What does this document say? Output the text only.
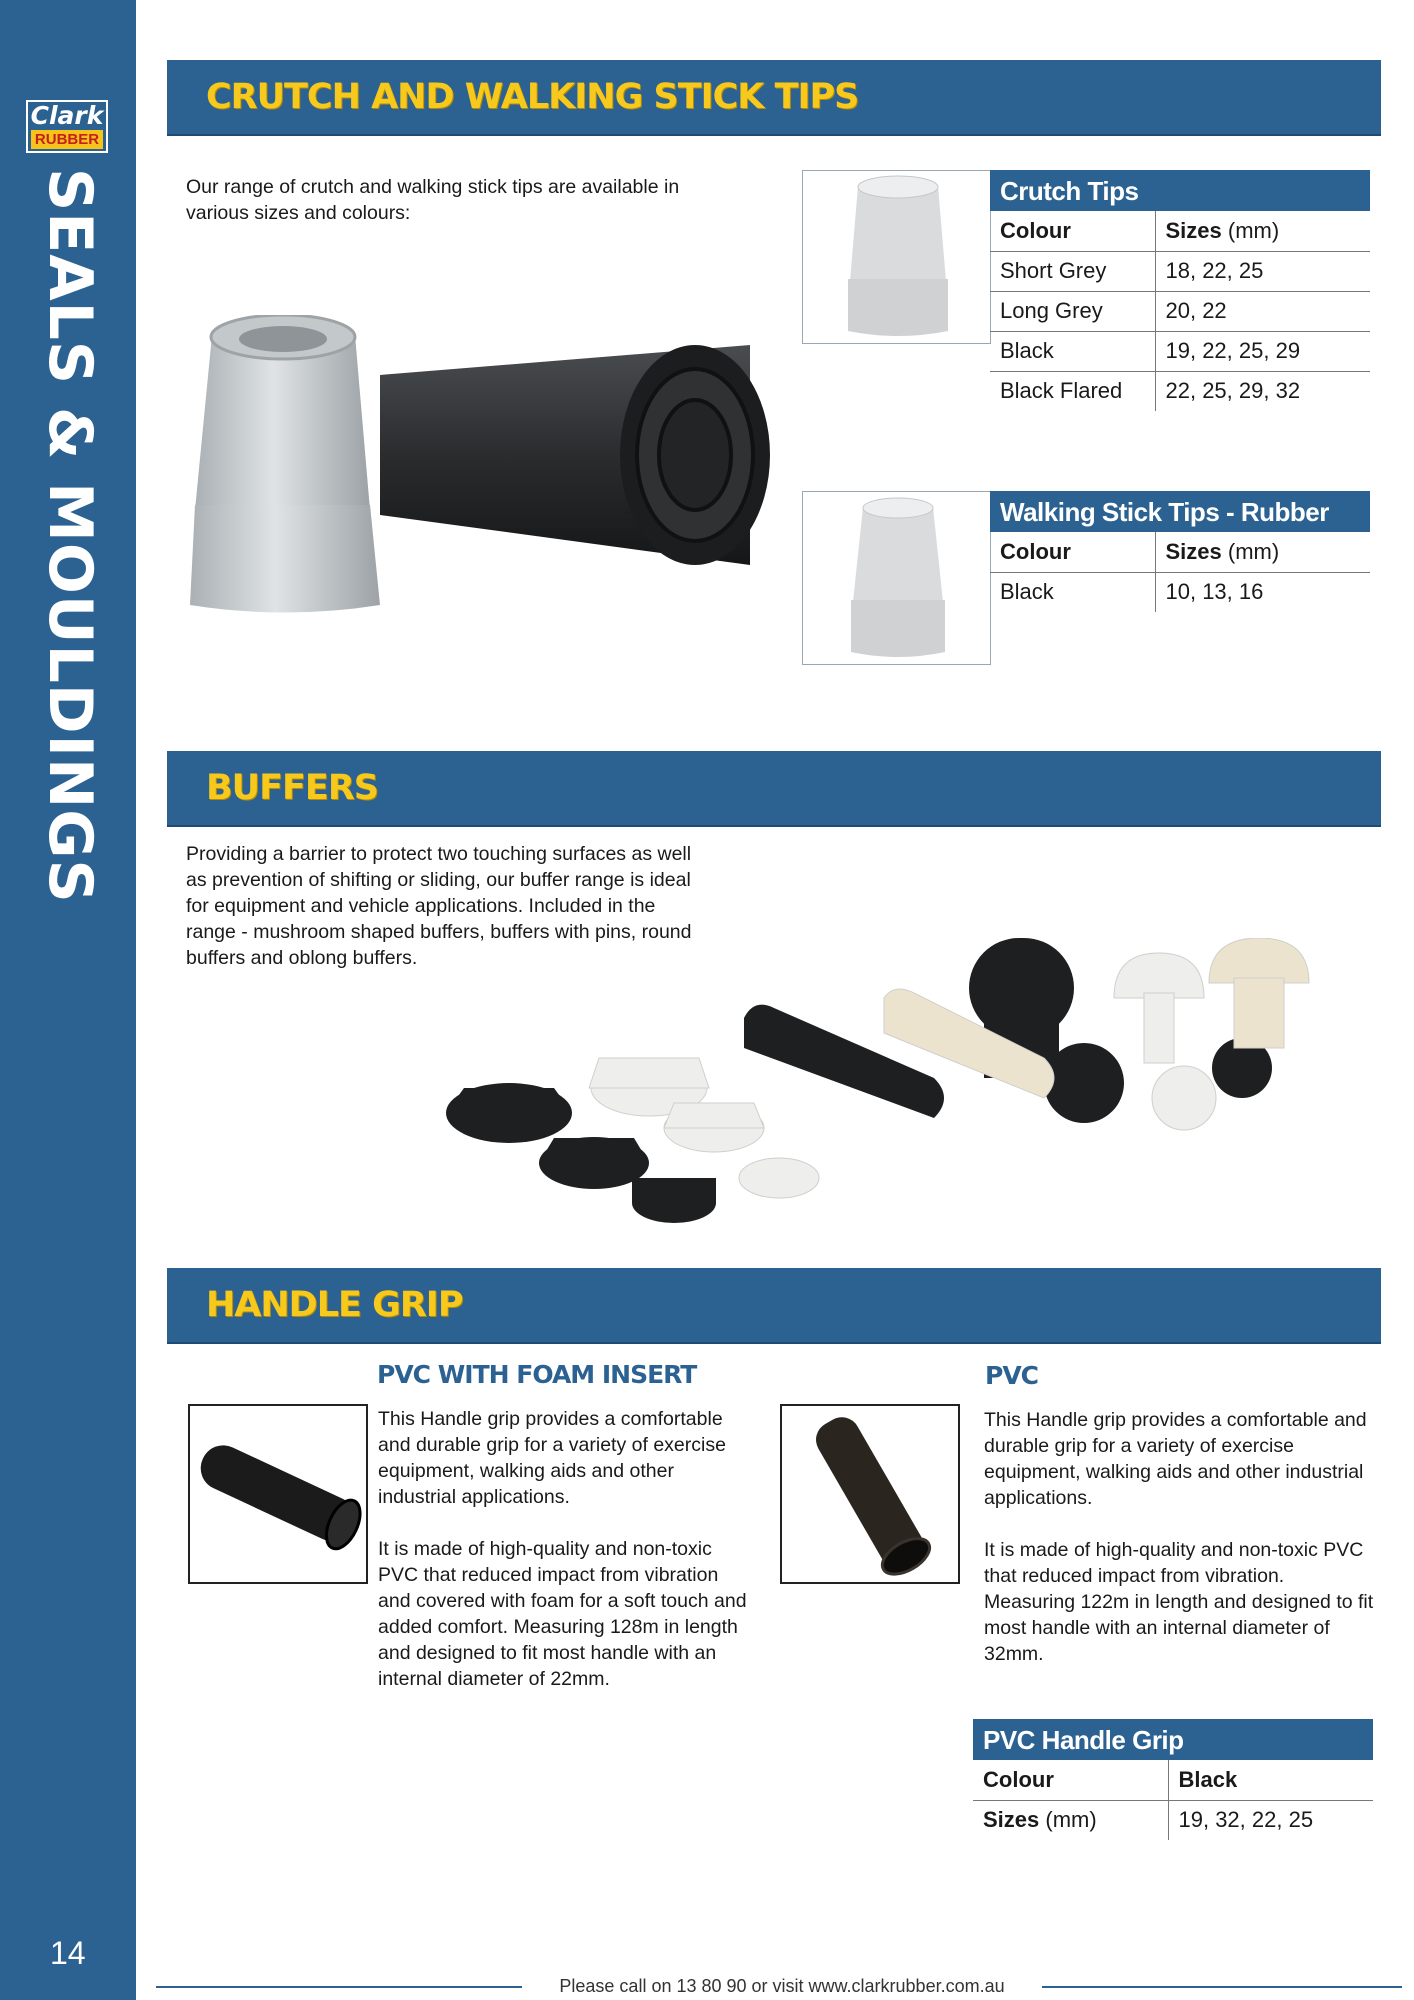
Clark
RUBBER
SEALS & MOULDINGS
14
CRUTCH AND WALKING STICK TIPS
Our range of crutch and walking stick tips are available in various sizes and colours:
Crutch Tips
Colour	Sizes (mm)
Short Grey	18, 22, 25
Long Grey	20, 22
Black	19, 22, 25, 29
Black Flared	22, 25, 29, 32
Walking Stick Tips - Rubber
Colour	Sizes (mm)
Black	10, 13, 16
BUFFERS
Providing a barrier to protect two touching surfaces as well as prevention of shifting or sliding, our buffer range is ideal for equipment and vehicle applications. Included in the range - mushroom shaped buffers, buffers with pins, round buffers and oblong buffers.
HANDLE GRIP
PVC WITH FOAM INSERT

This Handle grip provides a comfortable and durable grip for a variety of exercise equipment, walking aids and other industrial applications.

It is made of high-quality and non-toxic PVC that reduced impact from vibration and covered with foam for a soft touch and added comfort. Measuring 128m in length and designed to fit most handle with an internal diameter of 22mm.

PVC

This Handle grip provides a comfortable and durable grip for a variety of exercise equipment, walking aids and other industrial applications.

It is made of high-quality and non-toxic PVC that reduced impact from vibration. Measuring 122m in length and designed to fit most handle with an internal diameter of 32mm.

PVC Handle Grip
Colour	Black
Sizes (mm)	19, 32, 22, 25
Please call on 13 80 90 or visit www.clarkrubber.com.au
